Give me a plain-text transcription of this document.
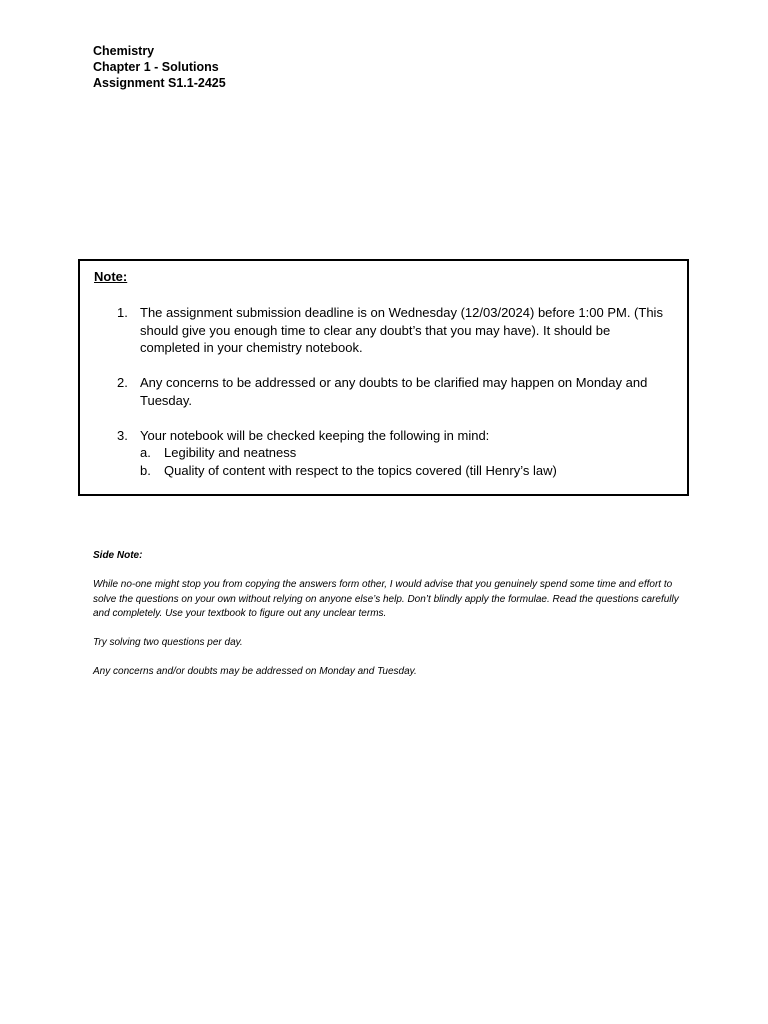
Chemistry
Chapter 1 - Solutions
Assignment S1.1-2425
Note:
1. The assignment submission deadline is on Wednesday (12/03/2024) before 1:00 PM. (This should give you enough time to clear any doubt’s that you may have). It should be completed in your chemistry notebook.
2. Any concerns to be addressed or any doubts to be clarified may happen on Monday and Tuesday.
3. Your notebook will be checked keeping the following in mind:
a. Legibility and neatness
b. Quality of content with respect to the topics covered (till Henry’s law)

Side Note:

While no-one might stop you from copying the answers form other, I would advise that you genuinely spend some time and effort to solve the questions on your own without relying on anyone else’s help. Don’t blindly apply the formulae. Read the questions carefully and completely. Use your textbook to figure out any unclear terms.

Try solving two questions per day.

Any concerns and/or doubts may be addressed on Monday and Tuesday.
